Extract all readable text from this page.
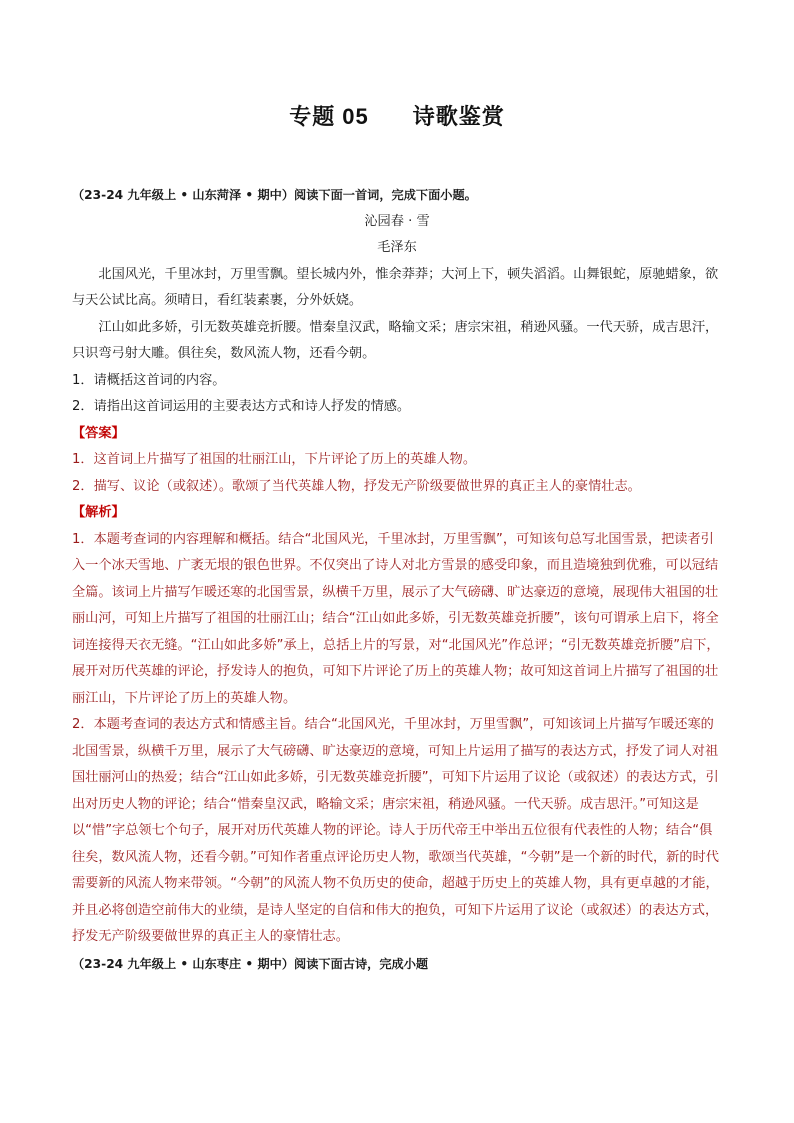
专题 05 诗歌鉴赏

（23-24 九年级上 • 山东菏泽 • 期中）阅读下面一首词，完成下面小题。

沁园春 · 雪

毛泽东

北国风光，千里冰封，万里雪飘。望长城内外，惟余莽莽；大河上下，顿失滔滔。山舞银蛇，原驰蜡象，欲与天公试比高。须晴日，看红装素裹，分外妖娆。

江山如此多娇，引无数英雄竞折腰。惜秦皇汉武，略输文采；唐宗宋祖，稍逊风骚。一代天骄，成吉思汗，只识弯弓射大雕。俱往矣，数风流人物，还看今朝。

1．请概括这首词的内容。

2．请指出这首词运用的主要表达方式和诗人抒发的情感。

【答案】

1．这首词上片描写了祖国的壮丽江山，下片评论了历上的英雄人物。

2．描写、议论（或叙述）。歌颂了当代英雄人物，抒发无产阶级要做世界的真正主人的豪情壮志。

【解析】

1．本题考查词的内容理解和概括。结合“北国风光，千里冰封，万里雪飘”，可知该句总写北国雪景，把读者引入一个冰天雪地、广袤无垠的银色世界。不仅突出了诗人对北方雪景的感受印象，而且造境独到优雅，可以冠结全篇。该词上片描写乍暖还寒的北国雪景，纵横千万里，展示了大气磅礴、旷达豪迈的意境，展现伟大祖国的壮丽山河，可知上片描写了祖国的壮丽江山；结合“江山如此多娇，引无数英雄竞折腰”，该句可谓承上启下，将全词连接得天衣无缝。“江山如此多娇”承上，总括上片的写景，对“北国风光”作总评；“引无数英雄竞折腰”启下，展开对历代英雄的评论，抒发诗人的抱负，可知下片评论了历上的英雄人物；故可知这首词上片描写了祖国的壮丽江山，下片评论了历上的英雄人物。

2．本题考查词的表达方式和情感主旨。结合“北国风光，千里冰封，万里雪飘”，可知该词上片描写乍暖还寒的北国雪景，纵横千万里，展示了大气磅礴、旷达豪迈的意境，可知上片运用了描写的表达方式，抒发了词人对祖国壮丽河山的热爱；结合“江山如此多娇，引无数英雄竞折腰”，可知下片运用了议论（或叙述）的表达方式，引出对历史人物的评论；结合“惜秦皇汉武，略输文采；唐宗宋祖，稍逊风骚。一代天骄。成吉思汗。”可知这是以“惜”字总领七个句子，展开对历代英雄人物的评论。诗人于历代帝王中举出五位很有代表性的人物；结合“俱往矣，数风流人物，还看今朝。”可知作者重点评论历史人物，歌颂当代英雄，“今朝”是一个新的时代，新的时代需要新的风流人物来带领。“今朝”的风流人物不负历史的使命，超越于历史上的英雄人物，具有更卓越的才能，并且必将创造空前伟大的业绩，是诗人坚定的自信和伟大的抱负，可知下片运用了议论（或叙述）的表达方式，抒发无产阶级要做世界的真正主人的豪情壮志。

（23-24 九年级上 • 山东枣庄 • 期中）阅读下面古诗，完成小题
